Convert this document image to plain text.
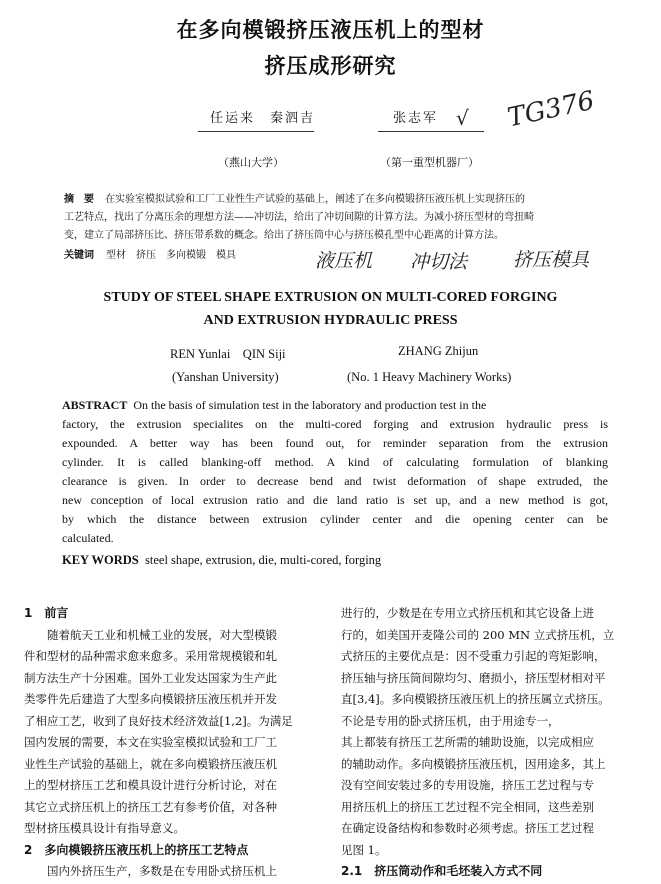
在多向模锻挤压液压机上的型材
挤压成形研究
任运来　秦泗吉	张志军 √ TG376
（燕山大学）	（第一重型机器厂）
摘　要 在实验室模拟试验和工厂工业性生产试验的基础上，阐述了在多向模锻挤压液压机上实现挤压的
工艺特点，找出了分离压余的理想方法——冲切法，给出了冲切间隙的计算方法。为减小挤压型材的弯扭畸
变，建立了局部挤压比、挤压带系数的概念。给出了挤压筒中心与挤压模孔型中心距离的计算方法。
关键词 型材　挤压　多向模锻　模具	液压机 冲切法 挤压模具
STUDY OF STEEL SHAPE EXTRUSION ON MULTI-CORED FORGING
AND EXTRUSION HYDRAULIC PRESS
REN Yunlai　QIN Siji	ZHANG Zhijun
(Yanshan University)	(No. 1 Heavy Machinery Works)
ABSTRACT On the basis of simulation test in the laboratory and production test in the
factory, the extrusion specialites on the multi-cored forging and extrusion hydraulic press is
expounded. A better way has been found out, for reminder separation from the extrusion
cylinder. It is called blanking-off method. A kind of calculating formulation of blanking
clearance is given. In order to decrease bend and twist deformation of shape extruded, the
new conception of local extrusion ratio and die land ratio is set up, and a new method is got,
by which the distance between extrusion cylinder center and die opening center can be
calculated.
KEY WORDS steel shape, extrusion, die, multi-cored, forging
1　前言
　　随着航天工业和机械工业的发展，对大型模锻
件和型材的品种需求愈来愈多。采用常规模锻和轧
制方法生产十分困难。国外工业发达国家为生产此
类零件先后建造了大型多向模锻挤压液压机并开发
了相应工艺，收到了良好技术经济效益[1,2]。为满足
国内发展的需要，本文在实验室模拟试验和工厂工
业性生产试验的基础上，就在多向模锻挤压液压机
上的型材挤压工艺和模具设计进行分析讨论，对在
其它立式挤压机上的挤压工艺有参考价值，对各种
型材挤压模具设计有指导意义。
2　多向模锻挤压液压机上的挤压工艺特点
　　国内外挤压生产，多数是在专用卧式挤压机上
进行的，少数是在专用立式挤压机和其它设备上进
行的，如美国开麦隆公司的 200 MN 立式挤压机，立
式挤压的主要优点是：因不受重力引起的弯矩影响，
挤压轴与挤压筒间隙均匀、磨损小，挤压型材相对平
直[3,4]。多向模锻挤压液压机上的挤压属立式挤压。
不论是专用的卧式挤压机，由于用途专一，
其上都装有挤压工艺所需的辅助设施，以完成相应
的辅助动作。多向模锻挤压液压机，因用途多，其上
没有空间安装过多的专用设施，挤压工艺过程与专
用挤压机上的挤压工艺过程不完全相同，这些差别
在确定设备结构和参数时必须考虑。挤压工艺过程
见图 1。
2.1　挤压筒动作和毛坯装入方式不同
